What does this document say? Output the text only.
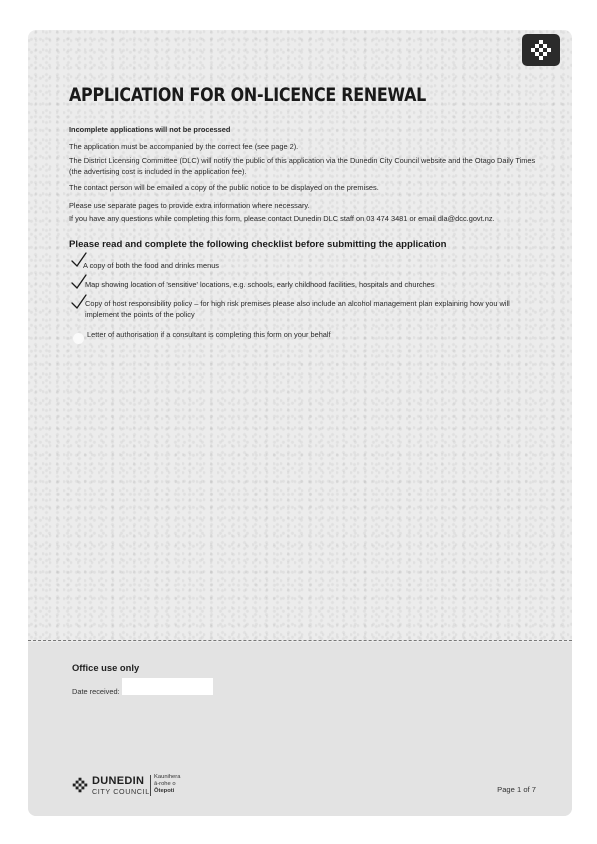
APPLICATION FOR ON-LICENCE RENEWAL
Incomplete applications will not be processed
The application must be accompanied by the correct fee (see page 2).
The District Licensing Committee (DLC) will notify the public of this application via the Dunedin City Council website and the Otago Daily Times (the advertising cost is included in the application fee).
The contact person will be emailed a copy of the public notice to be displayed on the premises.
Please use separate pages to provide extra information where necessary.
If you have any questions while completing this form, please contact Dunedin DLC staff on 03 474 3481 or email dla@dcc.govt.nz.
Please read and complete the following checklist before submitting the application
A copy of both the food and drinks menus
Map showing location of 'sensitive' locations, e.g. schools, early childhood facilities, hospitals and churches
Copy of host responsibility policy – for high risk premises please also include an alcohol management plan explaining how you will implement the points of the policy
Letter of authorisation if a consultant is completing this form on your behalf
Office use only
Date received:
DUNEDIN
CITY COUNCIL
Kaunihera
ā-rohe o
Ōtepoti	Page 1 of 7
